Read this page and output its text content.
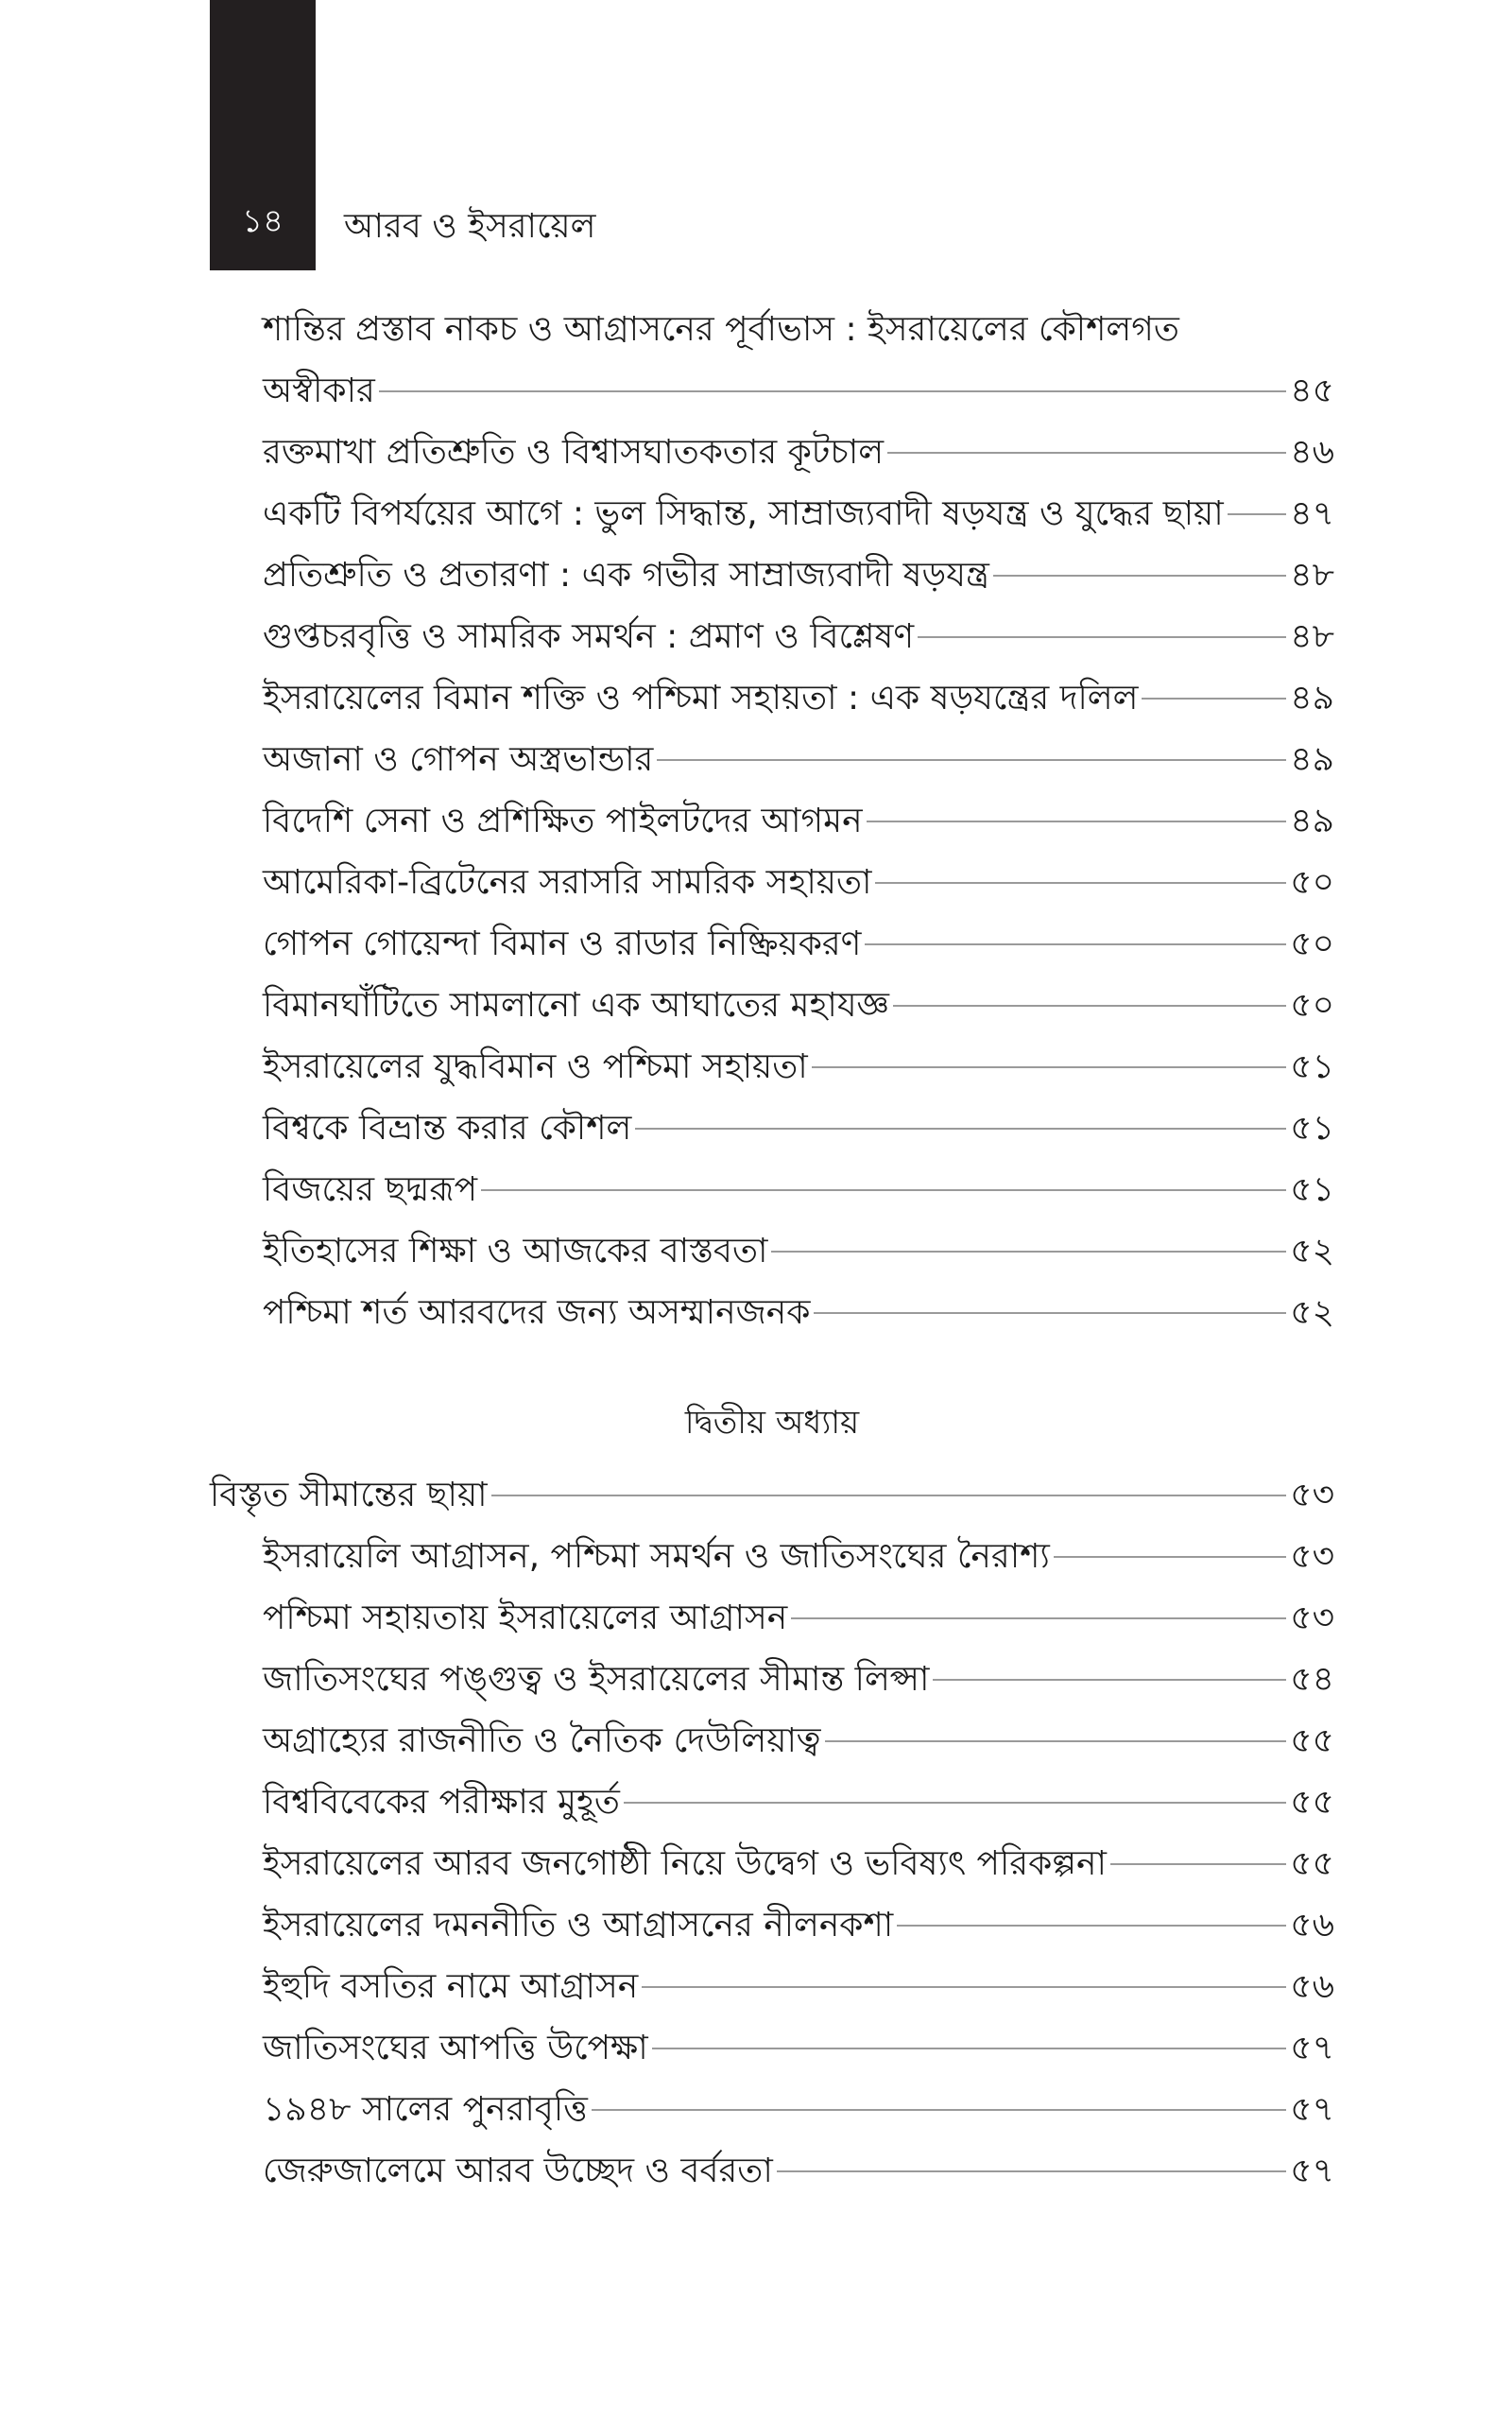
১৪	আরব ও ইসরায়েল
শান্তির প্রস্তাব নাকচ ও আগ্রাসনের পূর্বাভাস : ইসরায়েলের কৌশলগত
অস্বীকার	৪৫
রক্তমাখা প্রতিশ্রুতি ও বিশ্বাসঘাতকতার কূটচাল	৪৬
একটি বিপর্যয়ের আগে : ভুল সিদ্ধান্ত, সাম্রাজ্যবাদী ষড়যন্ত্র ও যুদ্ধের ছায়া ৪৭
প্রতিশ্রুতি ও প্রতারণা : এক গভীর সাম্রাজ্যবাদী ষড়যন্ত্র	৪৮
গুপ্তচরবৃত্তি ও সামরিক সমর্থন : প্রমাণ ও বিশ্লেষণ	৪৮
ইসরায়েলের বিমান শক্তি ও পশ্চিমা সহায়তা : এক ষড়যন্ত্রের দলিল	৪৯
অজানা ও গোপন অস্ত্রভান্ডার	৪৯
বিদেশি সেনা ও প্রশিক্ষিত পাইলটদের আগমন	৪৯
আমেরিকা-ব্রিটেনের সরাসরি সামরিক সহায়তা	৫০
গোপন গোয়েন্দা বিমান ও রাডার নিষ্ক্রিয়করণ	৫০
বিমানঘাঁটিতে সামলানো এক আঘাতের মহাযজ্ঞ	৫০
ইসরায়েলের যুদ্ধবিমান ও পশ্চিমা সহায়তা	৫১
বিশ্বকে বিভ্রান্ত করার কৌশল	৫১
বিজয়ের ছদ্মরূপ	৫১
ইতিহাসের শিক্ষা ও আজকের বাস্তবতা	৫২
পশ্চিমা শর্ত আরবদের জন্য অসম্মানজনক	৫২
দ্বিতীয় অধ্যায়
বিস্তৃত সীমান্তের ছায়া	৫৩
ইসরায়েলি আগ্রাসন, পশ্চিমা সমর্থন ও জাতিসংঘের নৈরাশ্য	৫৩
পশ্চিমা সহায়তায় ইসরায়েলের আগ্রাসন	৫৩
জাতিসংঘের পঙ্গুত্ব ও ইসরায়েলের সীমান্ত লিপ্সা	৫৪
অগ্রাহ্যের রাজনীতি ও নৈতিক দেউলিয়াত্ব	৫৫
বিশ্ববিবেকের পরীক্ষার মুহূর্ত	৫৫
ইসরায়েলের আরব জনগোষ্ঠী নিয়ে উদ্বেগ ও ভবিষ্যৎ পরিকল্পনা	৫৫
ইসরায়েলের দমননীতি ও আগ্রাসনের নীলনকশা	৫৬
ইহুদি বসতির নামে আগ্রাসন	৫৬
জাতিসংঘের আপত্তি উপেক্ষা	৫৭
১৯৪৮ সালের পুনরাবৃত্তি	৫৭
জেরুজালেমে আরব উচ্ছেদ ও বর্বরতা	৫৭
